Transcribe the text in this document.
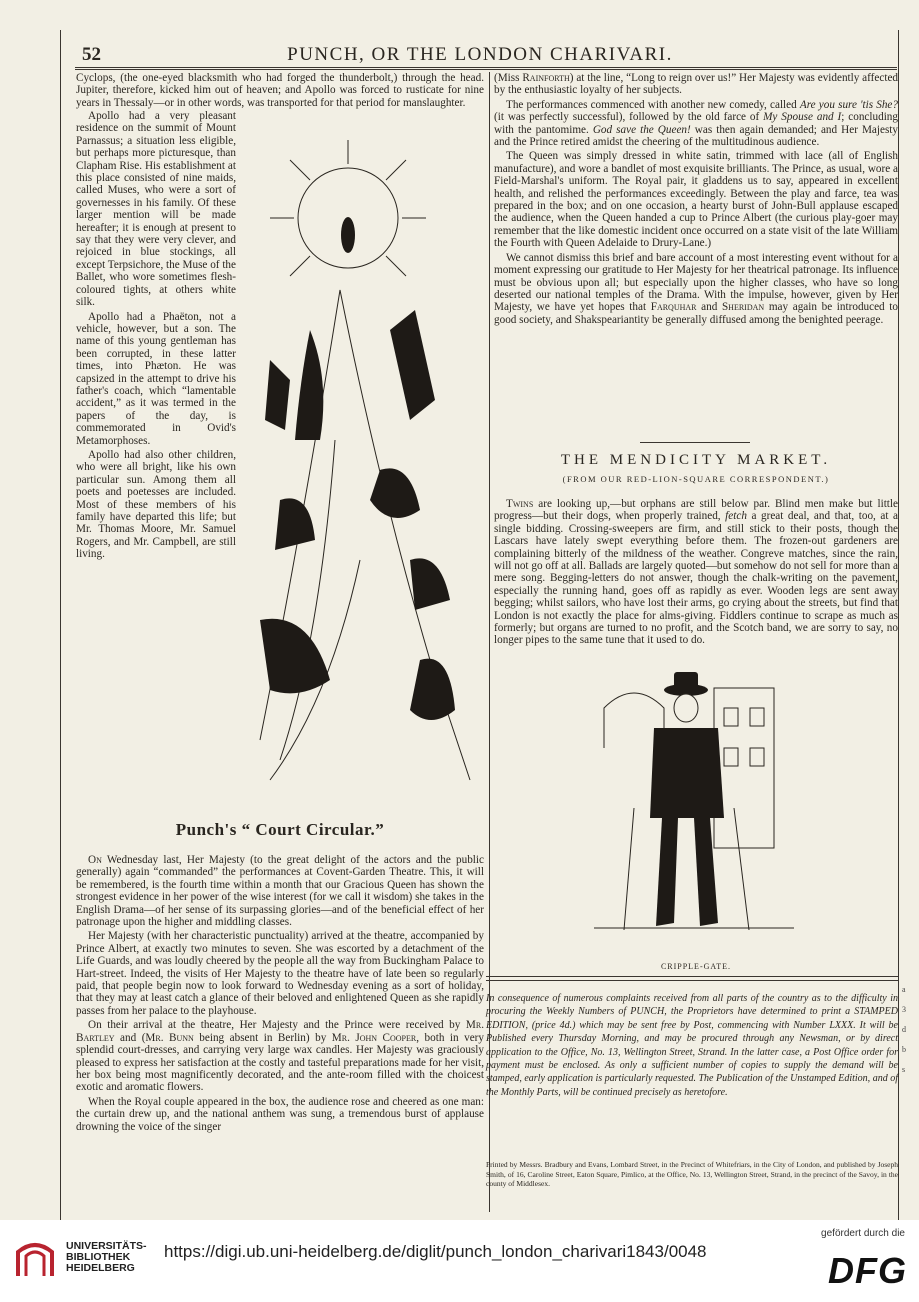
52	PUNCH, OR THE LONDON CHARIVARI.

Cyclops, (the one-eyed blacksmith who had forged the thunderbolt,) through the head. Jupiter, therefore, kicked him out of heaven; and Apollo was forced to rusticate for nine years in Thessaly—or in other words, was transported for that period for manslaughter.

Apollo had a very pleasant residence on the summit of Mount Parnassus; a situation less eligible, but perhaps more picturesque, than Clapham Rise. His establishment at this place consisted of nine maids, called Muses, who were a sort of governesses in his family. Of these larger mention will be made hereafter; it is enough at present to say that they were very clever, and rejoiced in blue stockings, all except Terpsichore, the Muse of the Ballet, who wore sometimes flesh-coloured tights, at others white silk.

Apollo had a Phaëton, not a vehicle, however, but a son. The name of this young gentleman has been corrupted, in these latter times, into Phæton. He was capsized in the attempt to drive his father's coach, which “lamentable accident,” as it was termed in the papers of the day, is commemorated in Ovid's Metamorphoses.

Apollo had also other children, who were all bright, like his own particular sun. Among them all poets and poetesses are included. Most of these members of his family have departed this life; but Mr. Thomas Moore, Mr. Samuel Rogers, and Mr. Campbell, are still living.

Punch's “ Court Circular.”

On Wednesday last, Her Majesty (to the great delight of the actors and the public generally) again “commanded” the performances at Covent-Garden Theatre. This, it will be remembered, is the fourth time within a month that our Gracious Queen has shown the strongest evidence in her power of the wise interest (for we call it wisdom) she takes in the English Drama—of her sense of its surpassing glories—and of the beneficial effect of her patronage upon the higher and middling classes.

Her Majesty (with her characteristic punctuality) arrived at the theatre, accompanied by Prince Albert, at exactly two minutes to seven. She was escorted by a detachment of the Life Guards, and was loudly cheered by the people all the way from Buckingham Palace to Hart-street. Indeed, the visits of Her Majesty to the theatre have of late been so regularly paid, that people begin now to look forward to Wednesday evening as a sort of holiday, that they may at least catch a glance of their beloved and enlightened Queen as she rapidly passes from her palace to the playhouse.

On their arrival at the theatre, Her Majesty and the Prince were received by Mr. Bartley and (Mr. Bunn being absent in Berlin) by Mr. John Cooper, both in very splendid court-dresses, and carrying very large wax candles. Her Majesty was graciously pleased to express her satisfaction at the costly and tasteful preparations made for her visit, her box being most magnificently decorated, and the ante-room filled with the choicest exotic and aromatic flowers.

When the Royal couple appeared in the box, the audience rose and cheered as one man: the curtain drew up, and the national anthem was sung, a tremendous burst of applause drowning the voice of the singer

(Miss Rainforth) at the line, “Long to reign over us!” Her Majesty was evidently affected by the enthusiastic loyalty of her subjects.

The performances commenced with another new comedy, called Are you sure 'tis She? (it was perfectly successful), followed by the old farce of My Spouse and I; concluding with the pantomime. God save the Queen! was then again demanded; and Her Majesty and the Prince retired amidst the cheering of the multitudinous audience.

The Queen was simply dressed in white satin, trimmed with lace (all of English manufacture), and wore a bandlet of most exquisite brilliants. The Prince, as usual, wore a Field-Marshal's uniform. The Royal pair, it gladdens us to say, appeared in excellent health, and relished the performances exceedingly. Between the play and farce, tea was prepared in the box; and on one occasion, a hearty burst of John-Bull applause escaped the audience, when the Queen handed a cup to Prince Albert (the curious play-goer may remember that the like domestic incident once occurred on a state visit of the late William the Fourth with Queen Adelaide to Drury-Lane.)

We cannot dismiss this brief and bare account of a most interesting event without for a moment expressing our gratitude to Her Majesty for her theatrical patronage. Its influence must be obvious upon all; but especially upon the higher classes, who have so long deserted our national temples of the Drama. With the impulse, however, given by Her Majesty, we have yet hopes that Farquhar and Sheridan may again be introduced to good society, and Shakspeariantity be generally diffused among the benighted peerage.

THE MENDICITY MARKET.
(FROM OUR RED-LION-SQUARE CORRESPONDENT.)

Twins are looking up,—but orphans are still below par. Blind men make but little progress—but their dogs, when properly trained, fetch a great deal, and that, too, at a single bidding. Crossing-sweepers are firm, and still stick to their posts, though the Lascars have lately swept everything before them. The frozen-out gardeners are complaining bitterly of the mildness of the weather. Congreve matches, since the rain, will not go off at all. Ballads are largely quoted—but somehow do not sell for more than a mere song. Begging-letters do not answer, though the chalk-writing on the pavement, especially the running hand, goes off as rapidly as ever. Wooden legs are sent away begging; whilst sailors, who have lost their arms, go crying about the streets, but find that London is not exactly the place for alms-giving. Fiddlers continue to scrape as much as formerly; but organs are turned to no profit, and the Scotch band, we are sorry to say, no longer pipes to the same tune that it used to do.

CRIPPLE-GATE.
In consequence of numerous complaints received from all parts of the country as to the difficulty in procuring the Weekly Numbers of PUNCH, the Proprietors have determined to print a STAMPED EDITION, (price 4d.) which may be sent free by Post, commencing with Number LXXX. It will be Published every Thursday Morning, and may be procured through any Newsman, or by direct application to the Office, No. 13, Wellington Street, Strand. In the latter case, a Post Office order for payment must be enclosed. As only a sufficient number of copies to supply the demand will be stamped, early application is particularly requested. The Publication of the Unstamped Edition, and of the Monthly Parts, will be continued precisely as heretofore.
Printed by Messrs. Bradbury and Evans, Lombard Street, in the Precinct of Whitefriars, in the City of London, and published by Joseph Smith, of 16, Caroline Street, Eaton Square, Pimlico, at the Office, No. 13, Wellington Street, Strand, in the precinct of the Savoy, in the county of Middlesex.
a
3
d
b
s
UNIVERSITÄTS-
BIBLIOTHEK
HEIDELBERG
https://digi.ub.uni-heidelberg.de/diglit/punch_london_charivari1843/0048
gefördert durch die
DFG
